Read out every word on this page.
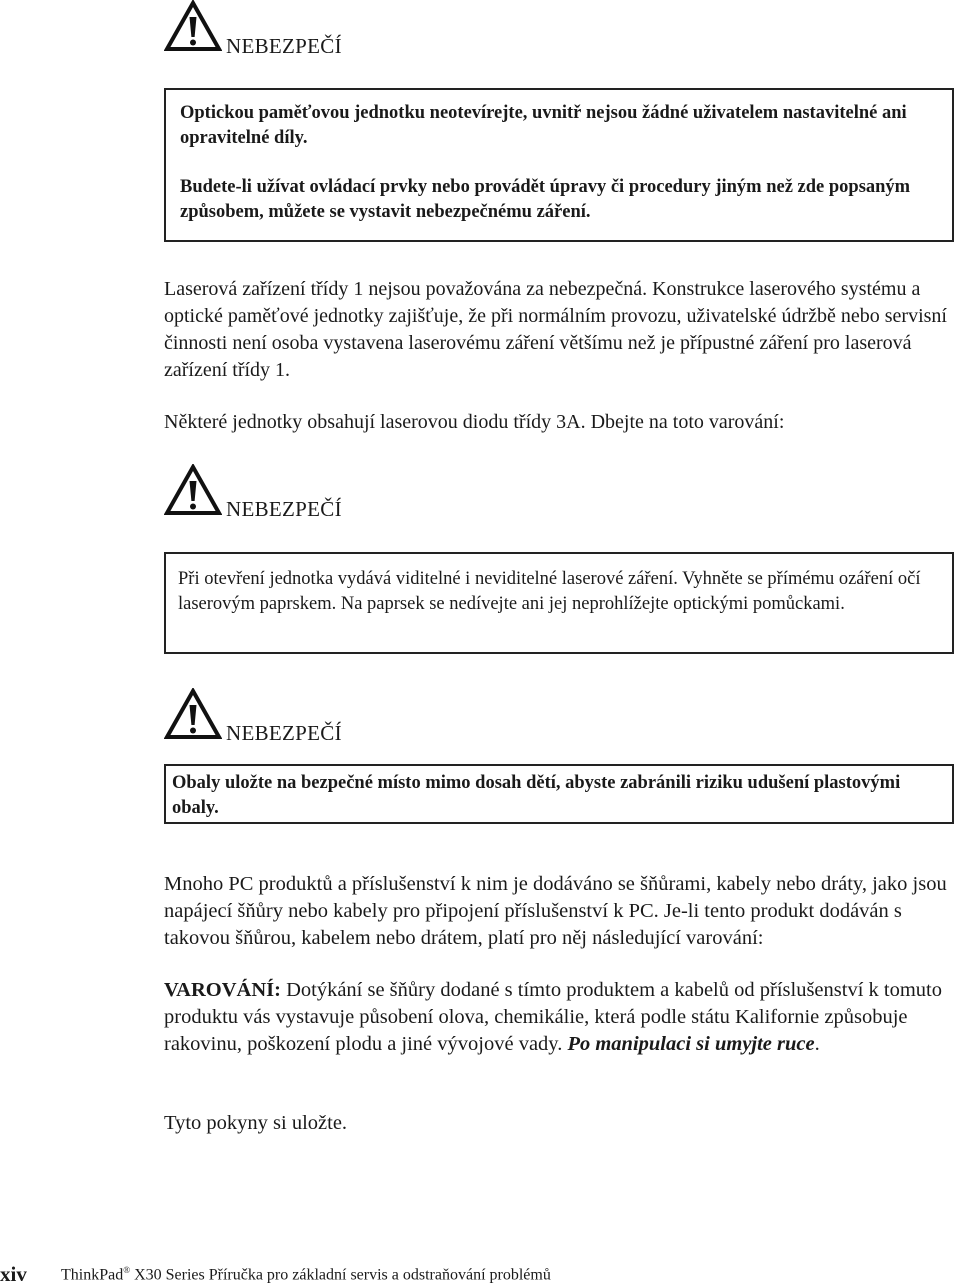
NEBEZPEČÍ

Optickou paměťovou jednotku neotevírejte, uvnitř nejsou žádné uživatelem nastavitelné ani opravitelné díly.

Budete-li užívat ovládací prvky nebo provádět úpravy či procedury jiným než zde popsaným způsobem, můžete se vystavit nebezpečnému záření.

Laserová zařízení třídy 1 nejsou považována za nebezpečná. Konstrukce laserového systému a optické paměťové jednotky zajišťuje, že při normálním provozu, uživatelské údržbě nebo servisní činnosti není osoba vystavena laserovému záření většímu než je přípustné záření pro laserová zařízení třídy 1.

Některé jednotky obsahují laserovou diodu třídy 3A. Dbejte na toto varování:

NEBEZPEČÍ

Při otevření jednotka vydává viditelné i neviditelné laserové záření. Vyhněte se přímému ozáření očí laserovým paprskem. Na paprsek se nedívejte ani jej neprohlížejte optickými pomůckami.

NEBEZPEČÍ

Obaly uložte na bezpečné místo mimo dosah dětí, abyste zabránili riziku udušení plastovými obaly.

Mnoho PC produktů a příslušenství k nim je dodáváno se šňůrami, kabely nebo dráty, jako jsou napájecí šňůry nebo kabely pro připojení příslušenství k PC. Je-li tento produkt dodáván s takovou šňůrou, kabelem nebo drátem, platí pro něj následující varování:

VAROVÁNÍ: Dotýkání se šňůry dodané s tímto produktem a kabelů od příslušenství k tomuto produktu vás vystavuje působení olova, chemikálie, která podle státu Kalifornie způsobuje rakovinu, poškození plodu a jiné vývojové vady. Po manipulaci si umyjte ruce.

Tyto pokyny si uložte.

xiv ThinkPad® X30 Series Příručka pro základní servis a odstraňování problémů
